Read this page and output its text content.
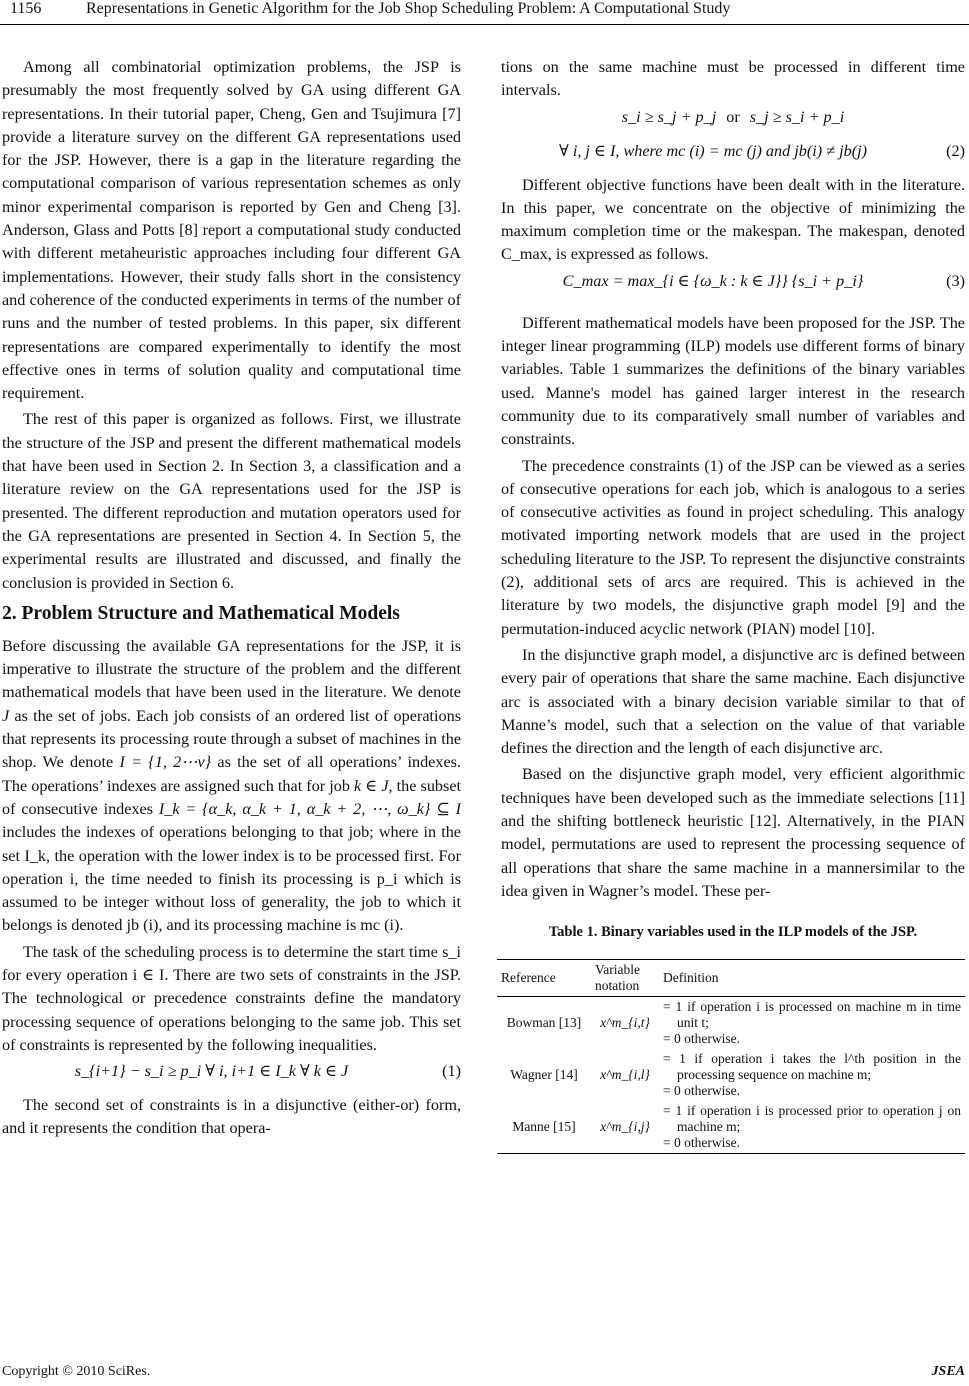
1156	Representations in Genetic Algorithm for the Job Shop Scheduling Problem: A Computational Study

Among all combinatorial optimization problems, the JSP is presumably the most frequently solved by GA using different GA representations. In their tutorial paper, Cheng, Gen and Tsujimura [7] provide a literature survey on the different GA representations used for the JSP. However, there is a gap in the literature regarding the computational comparison of various representation schemes as only minor experimental comparison is reported by Gen and Cheng [3]. Anderson, Glass and Potts [8] report a computational study conducted with different metaheuristic approaches including four different GA implementations. However, their study falls short in the consistency and coherence of the conducted experiments in terms of the number of runs and the number of tested problems. In this paper, six different representations are compared experimentally to identify the most effective ones in terms of solution quality and computational time requirement.

The rest of this paper is organized as follows. First, we illustrate the structure of the JSP and present the different mathematical models that have been used in Section 2. In Section 3, a classification and a literature review on the GA representations used for the JSP is presented. The different reproduction and mutation operators used for the GA representations are presented in Section 4. In Section 5, the experimental results are illustrated and discussed, and finally the conclusion is provided in Section 6.

2. Problem Structure and Mathematical Models

Before discussing the available GA representations for the JSP, it is imperative to illustrate the structure of the problem and the different mathematical models that have been used in the literature. We denote J as the set of jobs. Each job consists of an ordered list of operations that represents its processing route through a subset of machines in the shop. We denote I = {1, 2⋯v} as the set of all operations’ indexes. The operations’ indexes are assigned such that for job k ∈ J, the subset of consecutive indexes I_k = {α_k, α_k + 1, α_k + 2, ⋯, ω_k} ⊆ I includes the indexes of operations belonging to that job; where in the set I_k, the operation with the lower index is to be processed first. For operation i, the time needed to finish its processing is p_i which is assumed to be integer without loss of generality, the job to which it belongs is denoted jb (i), and its processing machine is mc (i).

The task of the scheduling process is to determine the start time s_i for every operation i ∈ I. There are two sets of constraints in the JSP. The technological or precedence constraints define the mandatory processing sequence of operations belonging to the same job. This set of constraints is represented by the following inequalities.

s_{i+1} − s_i ≥ p_i ∀ i, i+1 ∈ I_k ∀ k ∈ J	(1)

The second set of constraints is in a disjunctive (either-or) form, and it represents the condition that opera-

tions on the same machine must be processed in different time intervals.

s_i ≥ s_j + p_j or s_j ≥ s_i + p_i
∀ i, j ∈ I, where mc (i) = mc (j) and jb(i) ≠ jb(j)	(2)

Different objective functions have been dealt with in the literature. In this paper, we concentrate on the objective of minimizing the maximum completion time or the makespan. The makespan, denoted C_max, is expressed as follows.

C_max = max_{i ∈ {ω_k : k ∈ J}} {s_i + p_i}	(3)

Different mathematical models have been proposed for the JSP. The integer linear programming (ILP) models use different forms of binary variables. Table 1 summarizes the definitions of the binary variables used. Manne's model has gained larger interest in the research community due to its comparatively small number of variables and constraints.

The precedence constraints (1) of the JSP can be viewed as a series of consecutive operations for each job, which is analogous to a series of consecutive activities as found in project scheduling. This analogy motivated importing network models that are used in the project scheduling literature to the JSP. To represent the disjunctive constraints (2), additional sets of arcs are required. This is achieved in the literature by two models, the disjunctive graph model [9] and the permutation-induced acyclic network (PIAN) model [10].

In the disjunctive graph model, a disjunctive arc is defined between every pair of operations that share the same machine. Each disjunctive arc is associated with a binary decision variable similar to that of Manne’s model, such that a selection on the value of that variable defines the direction and the length of each disjunctive arc.

Based on the disjunctive graph model, very efficient algorithmic techniques have been developed such as the immediate selections [11] and the shifting bottleneck heuristic [12]. Alternatively, in the PIAN model, permutations are used to represent the processing sequence of all operations that share the same machine in a mannersimilar to the idea given in Wagner’s model. These per-

Table 1. Binary variables used in the ILP models of the JSP.
Reference	Variable notation	Definition
Bowman [13]	x^m_{i,t}	= 1 if operation i is processed on machine m in time unit t;
= 0 otherwise.

Wagner [14]	x^m_{i,l}	= 1 if operation i takes the l^th position in the processing sequence on machine m;
= 0 otherwise.

Manne [15]	x^m_{i,j}	= 1 if operation i is processed prior to operation j on machine m;
= 0 otherwise.
Copyright © 2010 SciRes.	JSEA
